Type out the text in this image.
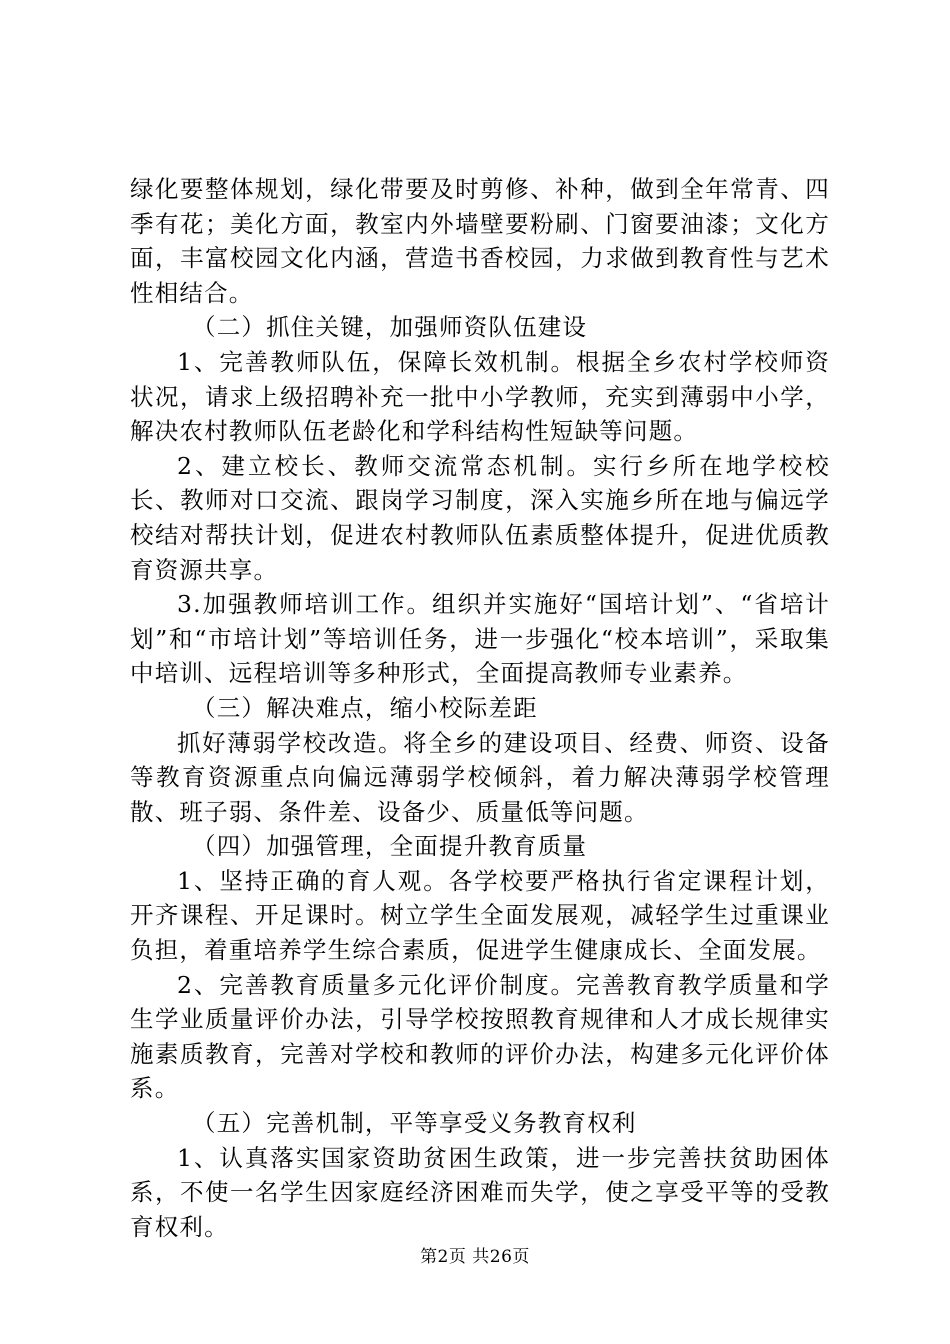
绿化要整体规划，绿化带要及时剪修、补种，做到全年常青、四季有花；美化方面，教室内外墙壁要粉刷、门窗要油漆；文化方面，丰富校园文化内涵，营造书香校园，力求做到教育性与艺术性相结合。

（二）抓住关键，加强师资队伍建设

1、完善教师队伍，保障长效机制。根据全乡农村学校师资状况，请求上级招聘补充一批中小学教师，充实到薄弱中小学，解决农村教师队伍老龄化和学科结构性短缺等问题。

2、建立校长、教师交流常态机制。实行乡所在地学校校长、教师对口交流、跟岗学习制度，深入实施乡所在地与偏远学校结对帮扶计划，促进农村教师队伍素质整体提升，促进优质教育资源共享。

3.加强教师培训工作。组织并实施好“国培计划”、“省培计划”和“市培计划”等培训任务，进一步强化“校本培训”，采取集中培训、远程培训等多种形式，全面提高教师专业素养。

（三）解决难点，缩小校际差距

抓好薄弱学校改造。将全乡的建设项目、经费、师资、设备等教育资源重点向偏远薄弱学校倾斜，着力解决薄弱学校管理散、班子弱、条件差、设备少、质量低等问题。

（四）加强管理，全面提升教育质量

1、坚持正确的育人观。各学校要严格执行省定课程计划，开齐课程、开足课时。树立学生全面发展观，减轻学生过重课业负担，着重培养学生综合素质，促进学生健康成长、全面发展。

2、完善教育质量多元化评价制度。完善教育教学质量和学生学业质量评价办法，引导学校按照教育规律和人才成长规律实施素质教育，完善对学校和教师的评价办法，构建多元化评价体系。

（五）完善机制，平等享受义务教育权利

1、认真落实国家资助贫困生政策，进一步完善扶贫助困体系，不使一名学生因家庭经济困难而失学，使之享受平等的受教育权利。

第2页 共26页
